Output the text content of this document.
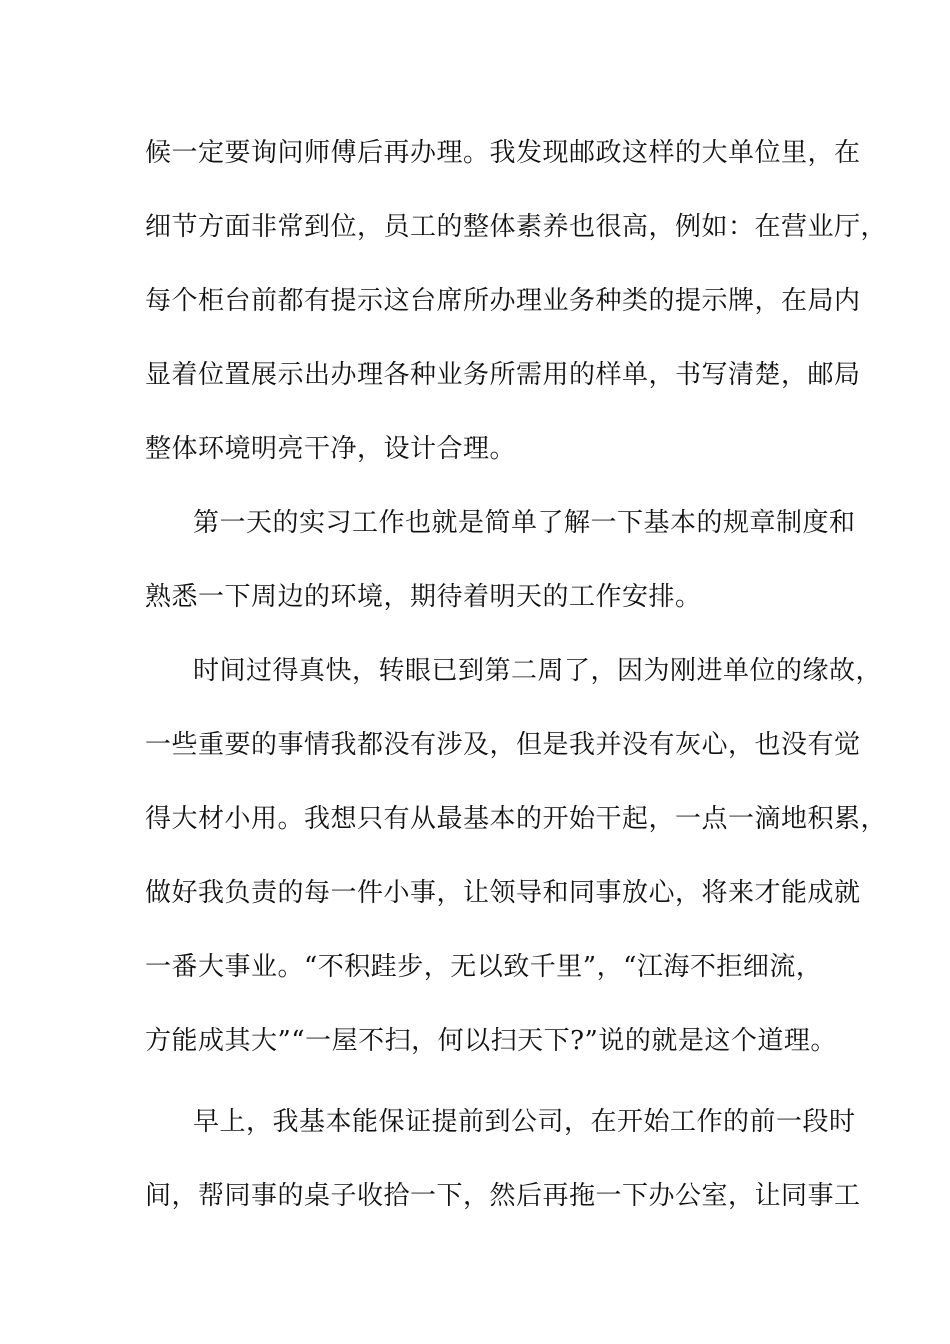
候一定要询问师傅后再办理。我发现邮政这样的大单位里，在
细节方面非常到位，员工的整体素养也很高，例如：在营业厅，
每个柜台前都有提示这台席所办理业务种类的提示牌，在局内
显着位置展示出办理各种业务所需用的样单，书写清楚，邮局
整体环境明亮干净，设计合理。
第一天的实习工作也就是简单了解一下基本的规章制度和
熟悉一下周边的环境，期待着明天的工作安排。
时间过得真快，转眼已到第二周了，因为刚进单位的缘故，
一些重要的事情我都没有涉及，但是我并没有灰心，也没有觉
得大材小用。我想只有从最基本的开始干起，一点一滴地积累，
做好我负责的每一件小事，让领导和同事放心，将来才能成就
一番大事业。“不积跬步，无以致千里”，“江海不拒细流，
方能成其大”“一屋不扫，何以扫天下?”说的就是这个道理。
早上，我基本能保证提前到公司，在开始工作的前一段时
间，帮同事的桌子收拾一下，然后再拖一下办公室，让同事工
